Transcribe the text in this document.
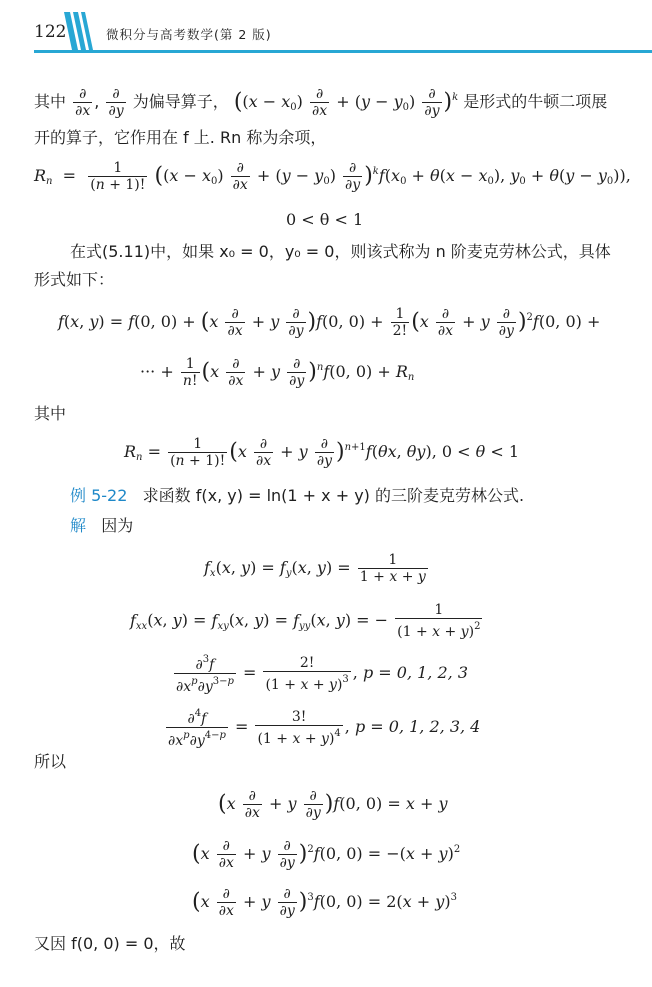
122	微积分与高考数学(第 2 版)
其中 $\frac{\partial}{\partial x}$ , $\frac{\partial}{\partial y}$ 为偏导算子， $((x - x_0) \frac{\partial}{\partial x} + (y - y_0) \frac{\partial}{\partial y} )^k$ 是形式的牛顿二项展
开的算子，它作用在 f 上. Rn 称为余项，
$R_n = \frac{1}{(n + 1)!} ((x - x_0) \frac{\partial}{\partial x} + (y - y_0) \frac{\partial}{\partial y} )^kf(x_0 + \theta(x - x_0)$, $y_0 + \theta(y - y_0)$),
0 < θ < 1
在式(5.11)中，如果 x₀ = 0，y₀ = 0，则该式称为 n 阶麦克劳林公式，具体
形式如下：
f(x, y) = f(0, $0) + (x \frac{\partial}{\partial x} + y \frac{\partial}{\partial y} )f(0$, $0) + \frac{1}{2!} (x \frac{\partial}{\partial x} + y \frac{\partial}{\partial y} )^2f(0$, 0) +
··· + $\frac{1}{n!} (x \frac{\partial}{\partial x} + y \frac{\partial}{\partial y} )^nf(0$, $0) + R_n$
其中
$R_n = \frac{1}{(n + 1)!} (x \frac{\partial}{\partial x} + y \frac{\partial}{\partial y} )^{n+1}f(\theta x$, θy), 0 < θ < 1
例 5-22 求函数 f(x, y) = ln(1 + x + y) 的三阶麦克劳林公式.
解 因为
$f_x(x$, $y) = f_y(x$, $y) = \frac{1}{1 + x + y}$
$f_{xx}(x$, $y) = f_{xy}(x$, $y) = f_{yy}(x$, y) = − $\frac{1}{(1 + x + y)^2}$
$\frac{\partial^3f}{\partial x^p\partial y^{3-p}} = \frac{2!}{(1 + x + y)^3}$ , p = 0, 1, 2, 3
$\frac{\partial^4f}{\partial x^p\partial y^{4-p}} = \frac{3!}{(1 + x + y)^4}$ , p = 0, 1, 2, 3, 4
所以
$(x \frac{\partial}{\partial x} + y \frac{\partial}{\partial y} )f(0$, 0) = x + y
$(x \frac{\partial}{\partial x} + y \frac{\partial}{\partial y} )^2f(0$, $0) = -(x + y)^2$
$(x \frac{\partial}{\partial x} + y \frac{\partial}{\partial y} )^3f(0$, $0) = 2(x + y)^3$
又因 f(0, 0) = 0，故
